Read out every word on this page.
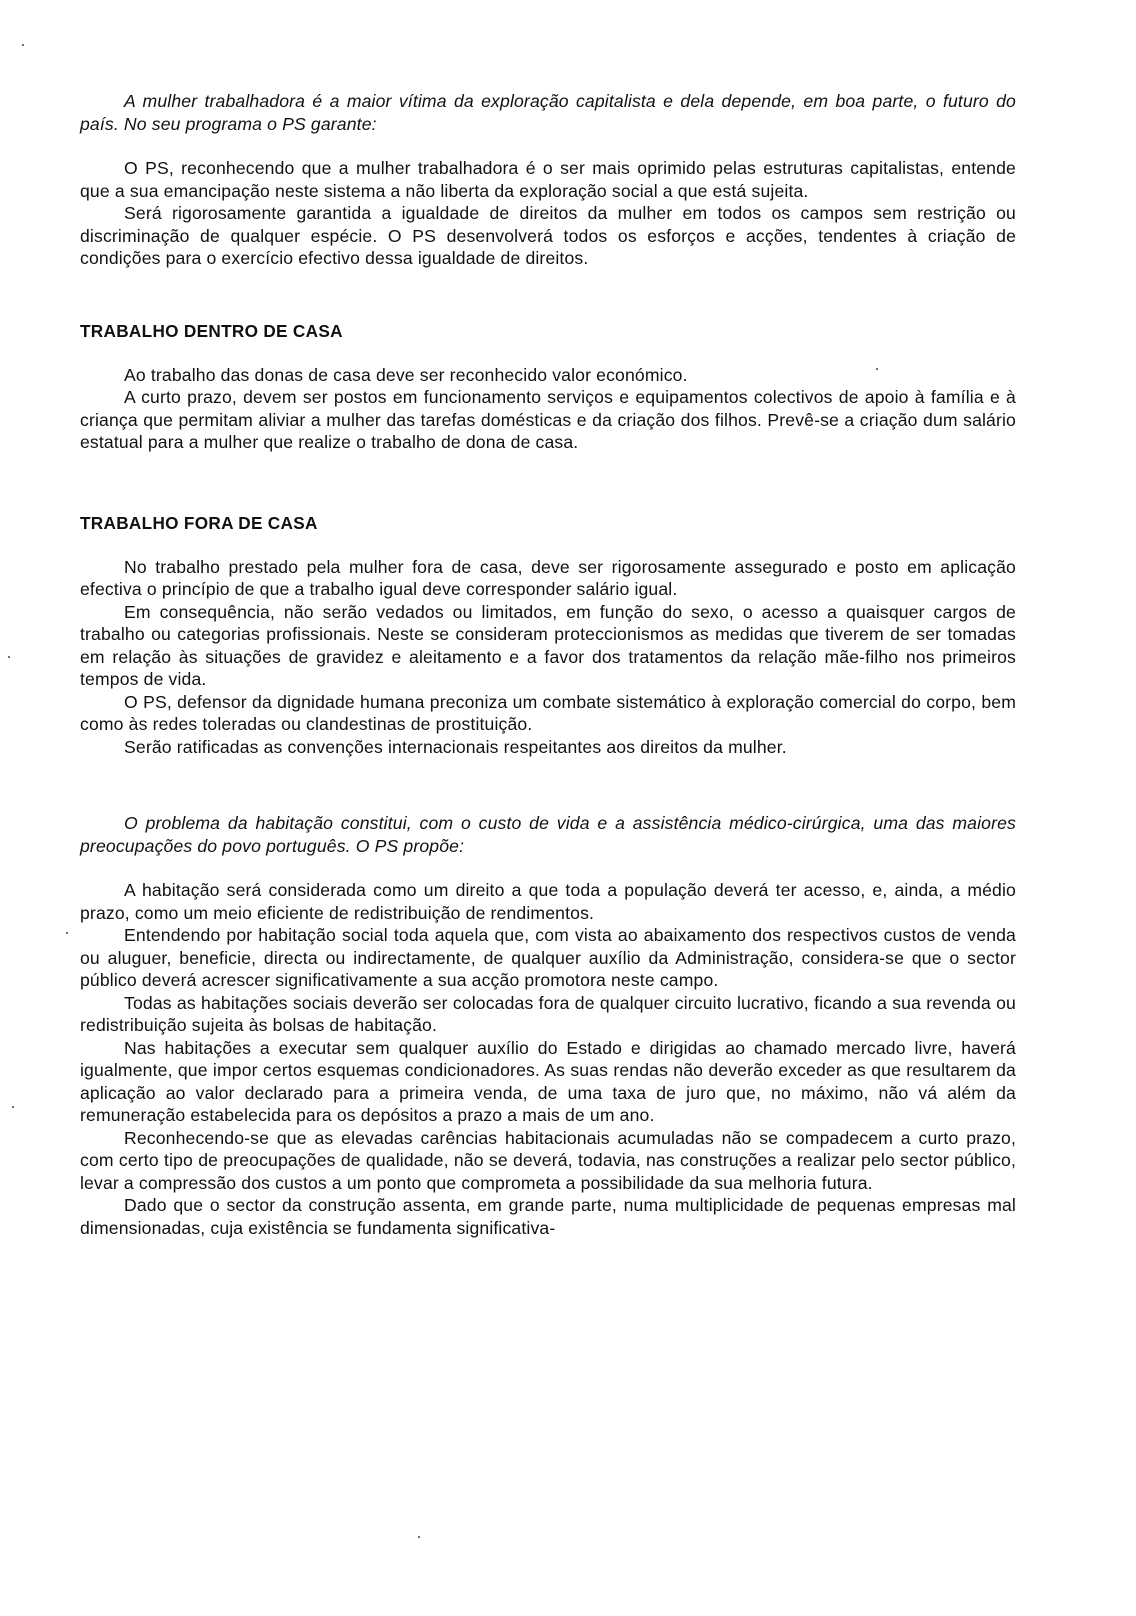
A mulher trabalhadora é a maior vítima da exploração capitalista e dela depende, em boa parte, o futuro do país. No seu programa o PS garante:

O PS, reconhecendo que a mulher trabalhadora é o ser mais oprimido pelas estruturas capitalistas, entende que a sua emancipação neste sistema a não liberta da exploração social a que está sujeita.

Será rigorosamente garantida a igualdade de direitos da mulher em todos os campos sem restrição ou discriminação de qualquer espécie. O PS desenvolverá todos os esforços e acções, tendentes à criação de condições para o exercício efectivo dessa igualdade de direitos.

TRABALHO DENTRO DE CASA

Ao trabalho das donas de casa deve ser reconhecido valor económico.

A curto prazo, devem ser postos em funcionamento serviços e equipamentos colectivos de apoio à família e à criança que permitam aliviar a mulher das tarefas domésticas e da criação dos filhos. Prevê-se a criação dum salário estatual para a mulher que realize o trabalho de dona de casa.

TRABALHO FORA DE CASA

No trabalho prestado pela mulher fora de casa, deve ser rigorosamente assegurado e posto em aplicação efectiva o princípio de que a trabalho igual deve corresponder salário igual.

Em consequência, não serão vedados ou limitados, em função do sexo, o acesso a quaisquer cargos de trabalho ou categorias profissionais. Neste se consideram proteccionismos as medidas que tiverem de ser tomadas em relação às situações de gravidez e aleitamento e a favor dos tratamentos da relação mãe-filho nos primeiros tempos de vida.

O PS, defensor da dignidade humana preconiza um combate sistemático à exploração comercial do corpo, bem como às redes toleradas ou clandestinas de prostituição.

Serão ratificadas as convenções internacionais respeitantes aos direitos da mulher.

O problema da habitação constitui, com o custo de vida e a assistência médico-cirúrgica, uma das maiores preocupações do povo português. O PS propõe:

A habitação será considerada como um direito a que toda a população deverá ter acesso, e, ainda, a médio prazo, como um meio eficiente de redistribuição de rendimentos.

Entendendo por habitação social toda aquela que, com vista ao abaixamento dos respectivos custos de venda ou aluguer, beneficie, directa ou indirectamente, de qualquer auxílio da Administração, considera-se que o sector público deverá acrescer significativamente a sua acção promotora neste campo.

Todas as habitações sociais deverão ser colocadas fora de qualquer circuito lucrativo, ficando a sua revenda ou redistribuição sujeita às bolsas de habitação.

Nas habitações a executar sem qualquer auxílio do Estado e dirigidas ao chamado mercado livre, haverá igualmente, que impor certos esquemas condicionadores. As suas rendas não deverão exceder as que resultarem da aplicação ao valor declarado para a primeira venda, de uma taxa de juro que, no máximo, não vá além da remuneração estabelecida para os depósitos a prazo a mais de um ano.

Reconhecendo-se que as elevadas carências habitacionais acumuladas não se compadecem a curto prazo, com certo tipo de preocupações de qualidade, não se deverá, todavia, nas construções a realizar pelo sector público, levar a compressão dos custos a um ponto que comprometa a possibilidade da sua melhoria futura.

Dado que o sector da construção assenta, em grande parte, numa multiplicidade de pequenas empresas mal dimensionadas, cuja existência se fundamenta significativa-
